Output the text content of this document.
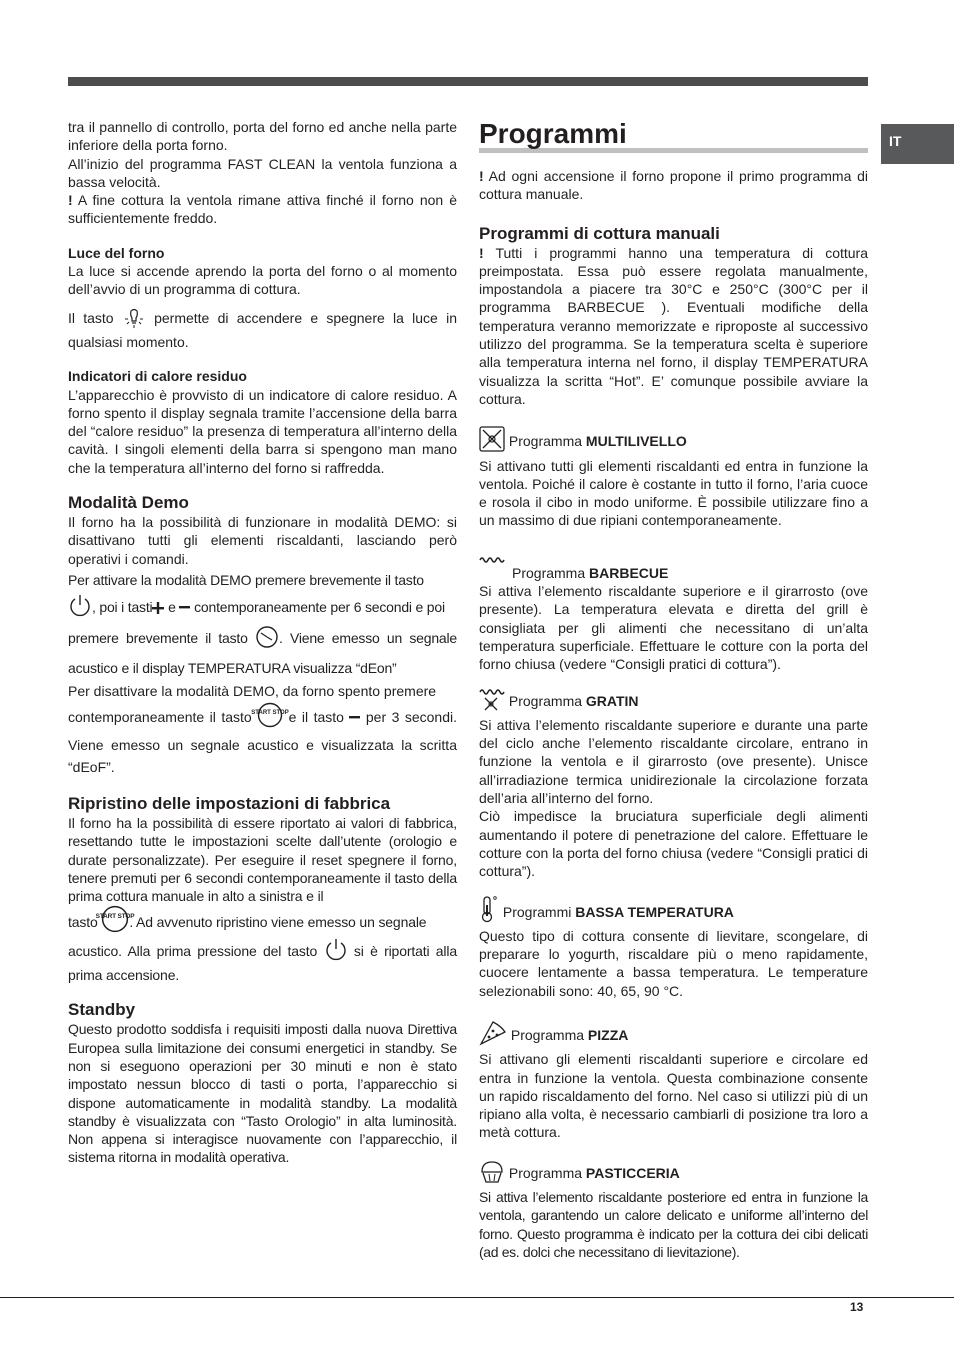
IT

tra il pannello di controllo, porta del forno ed anche nella parte inferiore della porta forno.

All’inizio del programma FAST CLEAN la ventola funziona a bassa velocità.

! A fine cottura la ventola rimane attiva finché il forno non è sufficientemente freddo.

Luce del forno

La luce si accende aprendo la porta del forno o al momento dell’avvio di un programma di cottura.

Il tasto  permette di accendere e spegnere la luce in qualsiasi momento.

Indicatori di calore residuo

L’apparecchio è provvisto di un indicatore di calore residuo. A forno spento il display segnala tramite l’accensione della barra del “calore residuo” la presenza di temperatura all’interno della cavità. I singoli elementi della barra si spengono man mano che la temperatura all’interno del forno si raffredda.

Modalità Demo

Il forno ha la possibilità di funzionare in modalità DEMO: si disattivano tutti gli elementi riscaldanti, lasciando però operativi i comandi.

Per attivare la modalità DEMO premere brevemente il tasto
, poi i tasti e  contemporaneamente per 6 secondi e poi
premere brevemente il tasto . Viene emesso un segnale acustico e il display TEMPERATURA visualizza “dEon”

Per disattivare la modalità DEMO, da forno spento premere
contemporaneamente il tasto
START STOP
e il tasto  per 3 secondi. Viene emesso un segnale acustico e visualizzata la scritta “dEoF”.

Ripristino delle impostazioni di fabbrica

Il forno ha la possibilità di essere riportato ai valori di fabbrica, resettando tutte le impostazioni scelte dall’utente (orologio e durate personalizzate). Per eseguire il reset spegnere il forno, tenere premuti per 6 secondi contemporaneamente il tasto della prima cottura manuale in alto a sinistra e il
tasto
START STOP
. Ad avvenuto ripristino viene emesso un segnale
acustico. Alla prima pressione del tasto  si è riportati alla prima accensione.

Standby

Questo prodotto soddisfa i requisiti imposti dalla nuova Direttiva Europea sulla limitazione dei consumi energetici in standby. Se non si eseguono operazioni per 30 minuti e non è stato impostato nessun blocco di tasti o porta, l’apparecchio si dispone automaticamente in modalità standby. La modalità standby è visualizzata con “Tasto Orologio” in alta luminosità. Non appena si interagisce nuovamente con l’apparecchio, il sistema ritorna in modalità operativa.

Programmi

! Ad ogni accensione il forno propone il primo programma di cottura manuale.

Programmi di cottura manuali

! Tutti i programmi hanno una temperatura di cottura preimpostata. Essa può essere regolata manualmente, impostandola a piacere tra 30°C e 250°C (300°C per il programma BARBECUE ). Eventuali modifiche della temperatura veranno memorizzate e riproposte al successivo utilizzo del programma. Se la temperatura scelta è superiore alla temperatura interna nel forno, il display TEMPERATURA visualizza la scritta “Hot”. E’ comunque possibile avviare la cottura.

Programma MULTILIVELLO

Si attivano tutti gli elementi riscaldanti ed entra in funzione la ventola. Poiché il calore è costante in tutto il forno, l’aria cuoce e rosola il cibo in modo uniforme. È possibile utilizzare fino a un massimo di due ripiani contemporaneamente.

Programma BARBECUE

Si attiva l’elemento riscaldante superiore e il girarrosto (ove presente). La temperatura elevata e diretta del grill è consigliata per gli alimenti che necessitano di un’alta temperatura superficiale. Effettuare le cotture con la porta del forno chiusa (vedere “Consigli pratici di cottura”).

Programma GRATIN

Si attiva l’elemento riscaldante superiore e durante una parte del ciclo anche l’elemento riscaldante circolare, entrano in funzione la ventola e il girarrosto (ove presente). Unisce all’irradiazione termica unidirezionale la circolazione forzata dell’aria all’interno del forno.
Ciò impedisce la bruciatura superficiale degli alimenti aumentando il potere di penetrazione del calore. Effettuare le cotture con la porta del forno chiusa (vedere “Consigli pratici di cottura”).

Programmi BASSA TEMPERATURA

Questo tipo di cottura consente di lievitare, scongelare, di preparare lo yogurth, riscaldare più o meno rapidamente, cuocere lentamente a bassa temperatura. Le temperature selezionabili sono: 40, 65, 90 °C.

Programma PIZZA

Si attivano gli elementi riscaldanti superiore e circolare ed entra in funzione la ventola. Questa combinazione consente un rapido riscaldamento del forno. Nel caso si utilizzi più di un ripiano alla volta, è necessario cambiarli di posizione tra loro a metà cottura.

Programma PASTICCERIA

Si attiva l’elemento riscaldante posteriore ed entra in funzione la ventola, garantendo un calore delicato e uniforme all’interno del forno. Questo programma è indicato per la cottura dei cibi delicati (ad es. dolci che necessitano di lievitazione).

13
